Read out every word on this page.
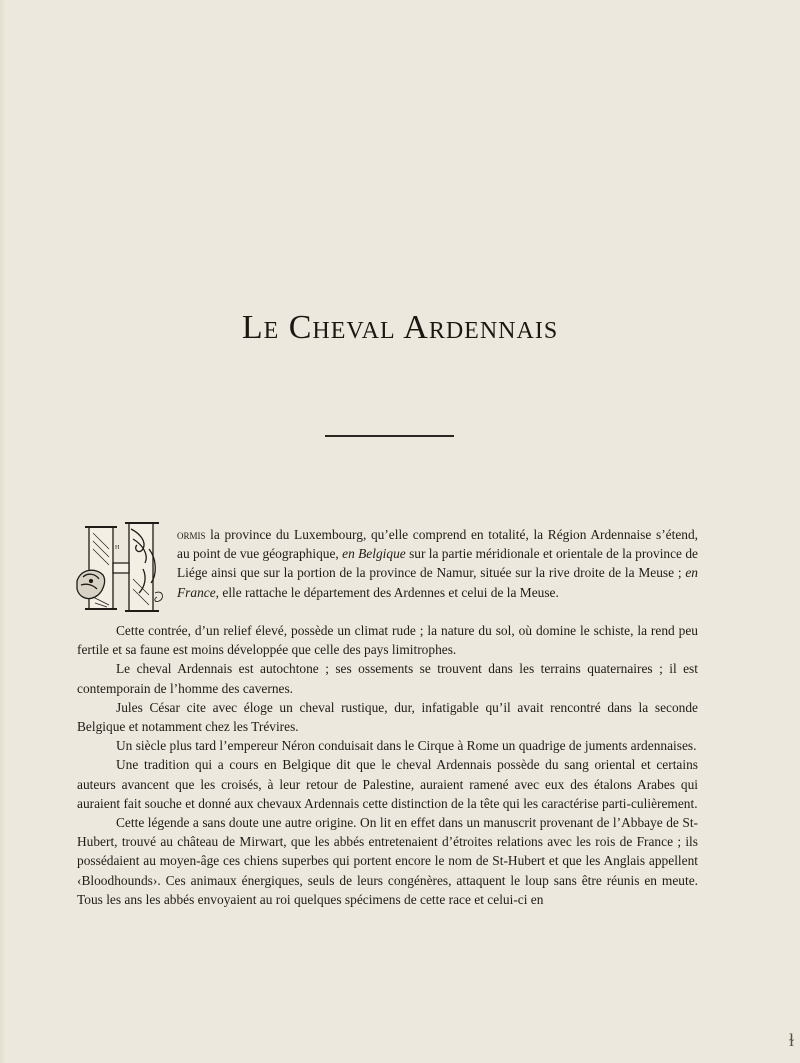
Le Cheval Ardennais

H
ormis la province du Luxembourg, qu’elle comprend en totalité, la Région Ardennaise s’étend, au point de vue géographique, en Belgique sur la partie méridionale et orientale de la province de Liége ainsi que sur la portion de la province de Namur, située sur la rive droite de la Meuse ; en France, elle rattache le département des Ardennes et celui de la Meuse.

Cette contrée, d’un relief élevé, possède un climat rude ; la nature du sol, où domine le schiste, la rend peu fertile et sa faune est moins développée que celle des pays limitrophes.

Le cheval Ardennais est autochtone ; ses ossements se trouvent dans les terrains quaternaires ; il est contemporain de l’homme des cavernes.

Jules César cite avec éloge un cheval rustique, dur, infatigable qu’il avait rencontré dans la seconde Belgique et notamment chez les Trévires.

Un siècle plus tard l’empereur Néron conduisait dans le Cirque à Rome un quadrige de juments ardennaises.

Une tradition qui a cours en Belgique dit que le cheval Ardennais possède du sang oriental et certains auteurs avancent que les croisés, à leur retour de Palestine, auraient ramené avec eux des étalons Arabes qui auraient fait souche et donné aux chevaux Ardennais cette distinction de la tête qui les caractérise parti-culièrement.

Cette légende a sans doute une autre origine. On lit en effet dans un manuscrit provenant de l’Abbaye de St-Hubert, trouvé au château de Mirwart, que les abbés entretenaient d’étroites relations avec les rois de France ; ils possédaient au moyen-âge ces chiens superbes qui portent encore le nom de St-Hubert et que les Anglais appellent ‹Bloodhounds›. Ces animaux énergiques, seuls de leurs congénères, attaquent le loup sans être réunis en meute. Tous les ans les abbés envoyaient au roi quelques spécimens de cette race et celui-ci en

ɫ
